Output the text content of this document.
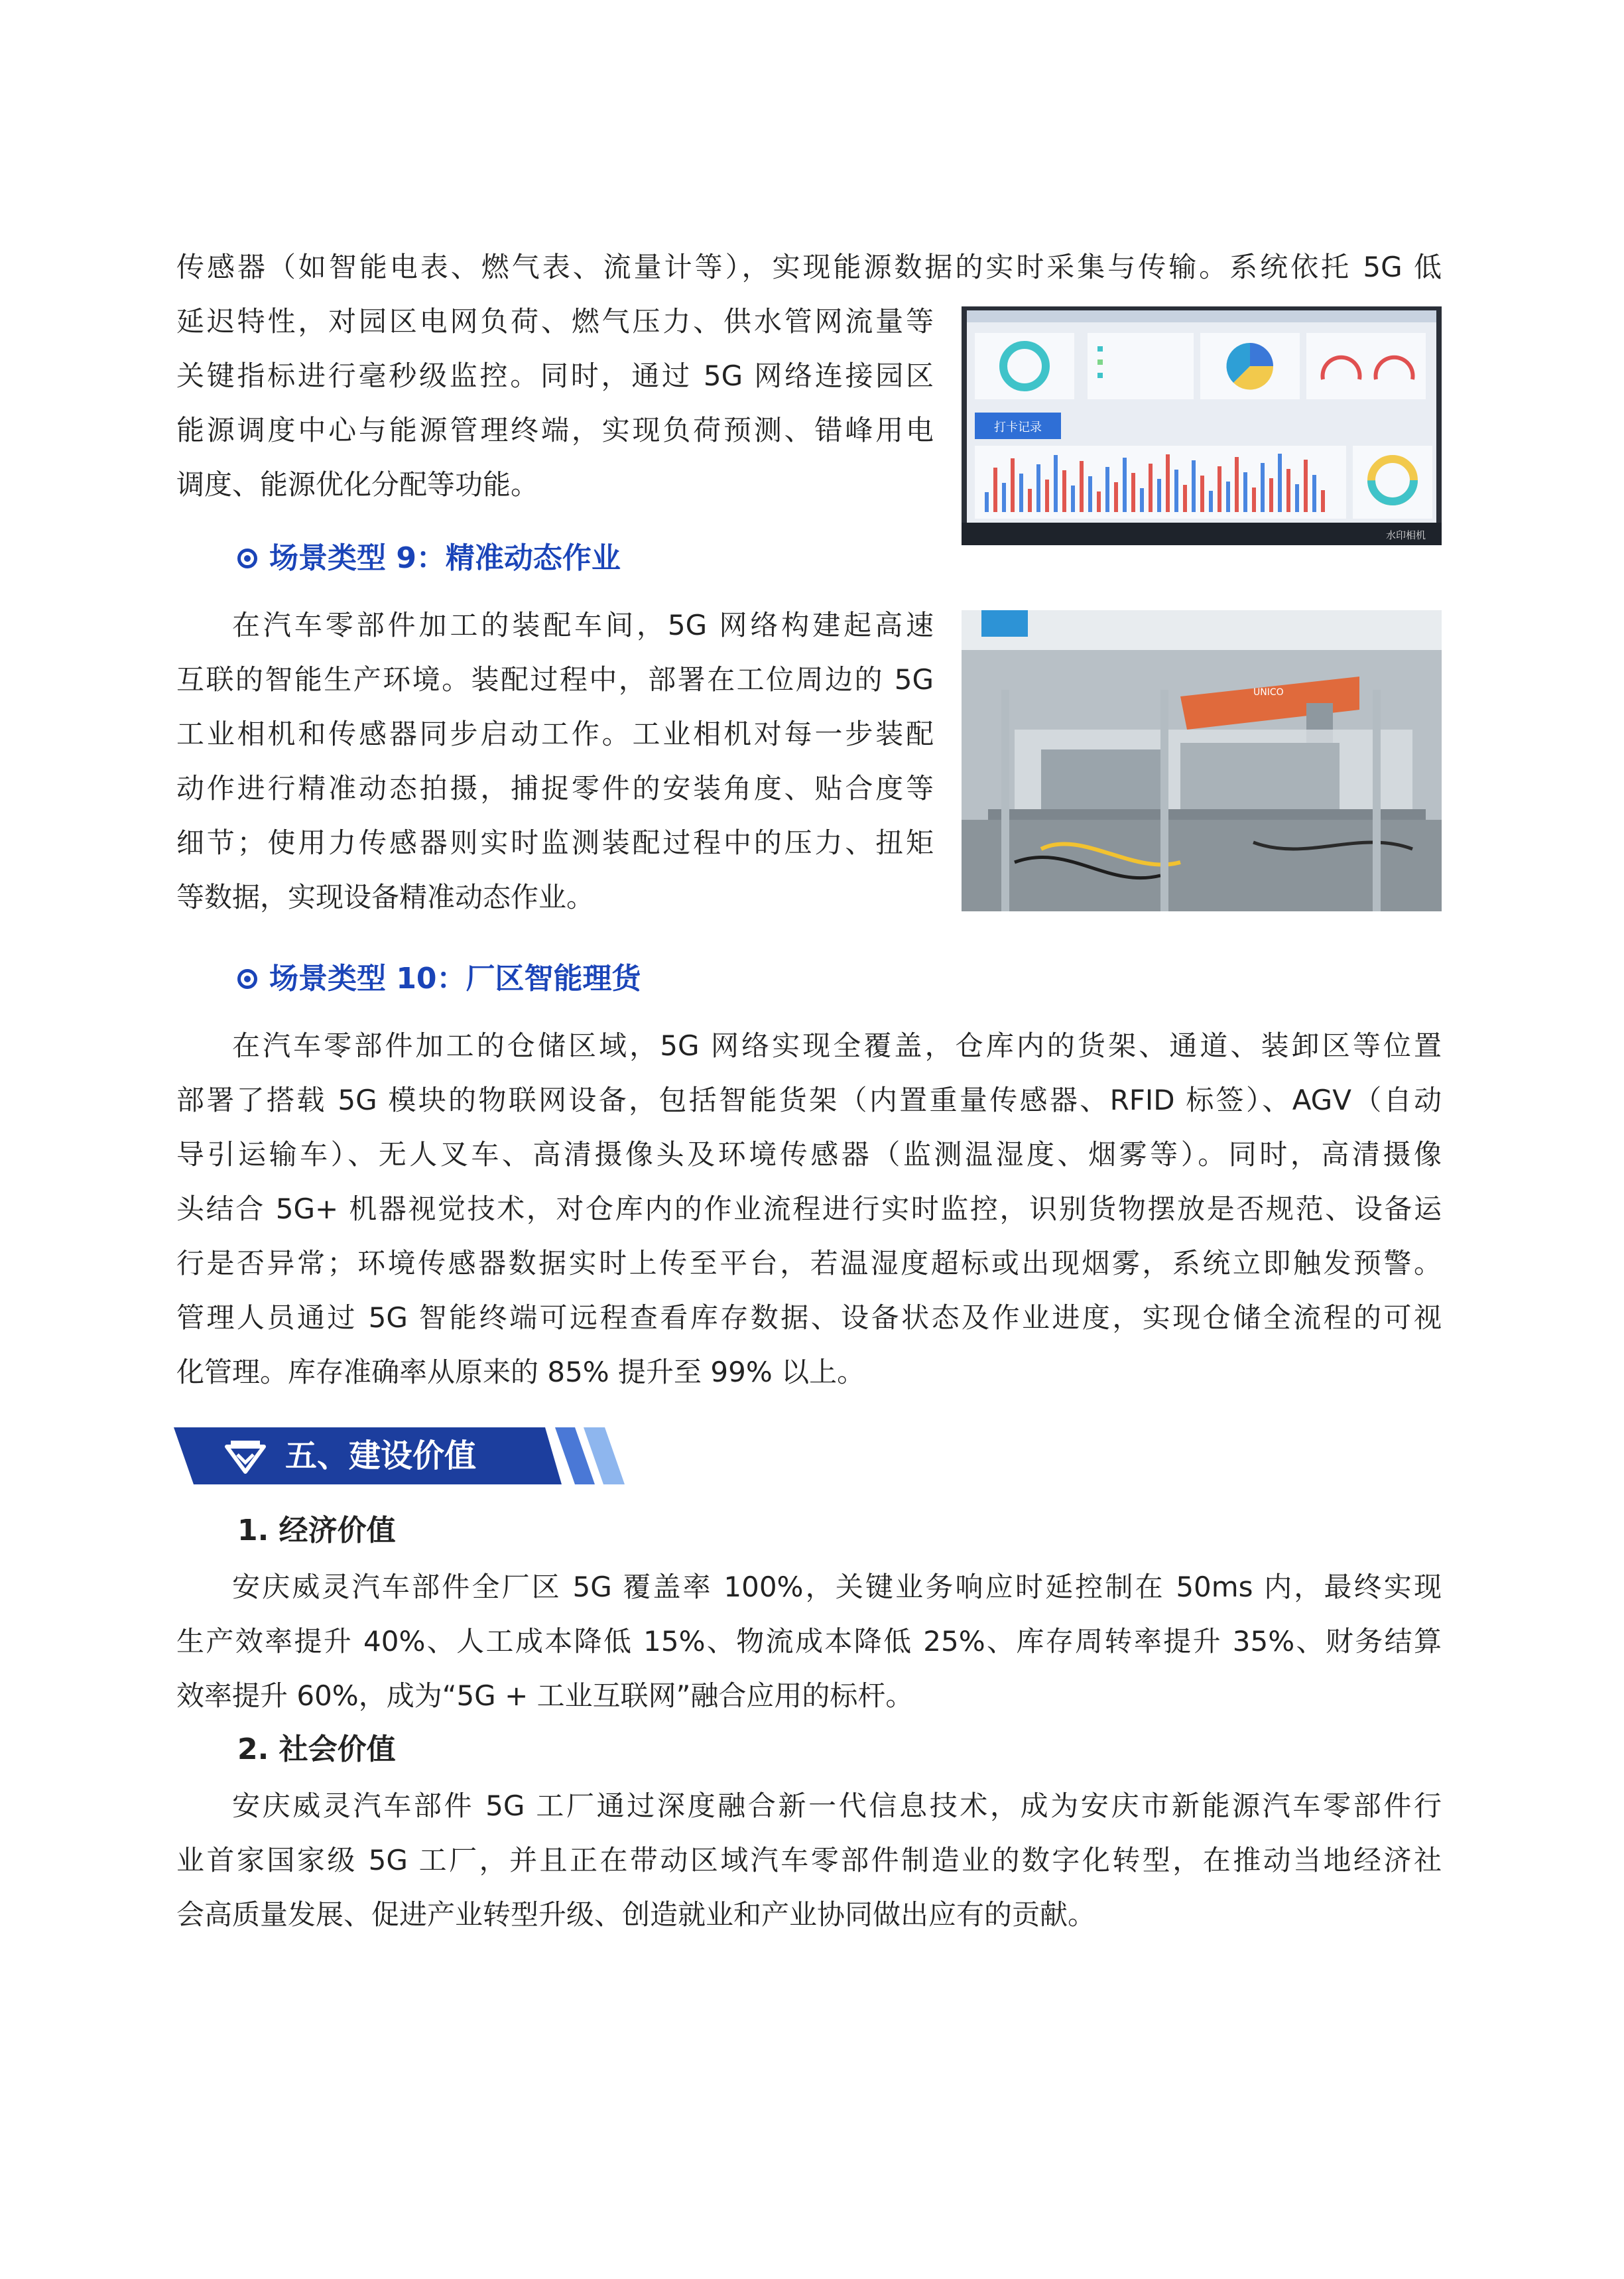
传感器（如智能电表、燃气表、流量计等），实现能源数据的实时采集与传输。系统依托 5G 低

延迟特性，对园区电网负荷、燃气压力、供水管网流量等

关键指标进行毫秒级监控。同时，通过 5G 网络连接园区

能源调度中心与能源管理终端，实现负荷预测、错峰用电

调度、能源优化分配等功能。

打卡记录
水印相机
场景类型 9：精准动态作业

在汽车零部件加工的装配车间，5G 网络构建起高速

互联的智能生产环境。装配过程中，部署在工位周边的 5G

工业相机和传感器同步启动工作。工业相机对每一步装配

动作进行精准动态拍摄，捕捉零件的安装角度、贴合度等

细节；使用力传感器则实时监测装配过程中的压力、扭矩

等数据，实现设备精准动态作业。

UNICO
场景类型 10：厂区智能理货

在汽车零部件加工的仓储区域，5G 网络实现全覆盖，仓库内的货架、通道、装卸区等位置

部署了搭载 5G 模块的物联网设备，包括智能货架（内置重量传感器、RFID 标签）、AGV（自动

导引运输车）、无人叉车、高清摄像头及环境传感器（监测温湿度、烟雾等）。同时，高清摄像

头结合 5G+ 机器视觉技术，对仓库内的作业流程进行实时监控，识别货物摆放是否规范、设备运

行是否异常；环境传感器数据实时上传至平台，若温湿度超标或出现烟雾，系统立即触发预警。

管理人员通过 5G 智能终端可远程查看库存数据、设备状态及作业进度，实现仓储全流程的可视

化管理。库存准确率从原来的 85% 提升至 99% 以上。

五、建设价值
1. 经济价值

安庆威灵汽车部件全厂区 5G 覆盖率 100%，关键业务响应时延控制在 50ms 内，最终实现

生产效率提升 40%、人工成本降低 15%、物流成本降低 25%、库存周转率提升 35%、财务结算

效率提升 60%，成为“5G + 工业互联网”融合应用的标杆。

2. 社会价值

安庆威灵汽车部件 5G 工厂通过深度融合新一代信息技术，成为安庆市新能源汽车零部件行

业首家国家级 5G 工厂，并且正在带动区域汽车零部件制造业的数字化转型，在推动当地经济社

会高质量发展、促进产业转型升级、创造就业和产业协同做出应有的贡献。
